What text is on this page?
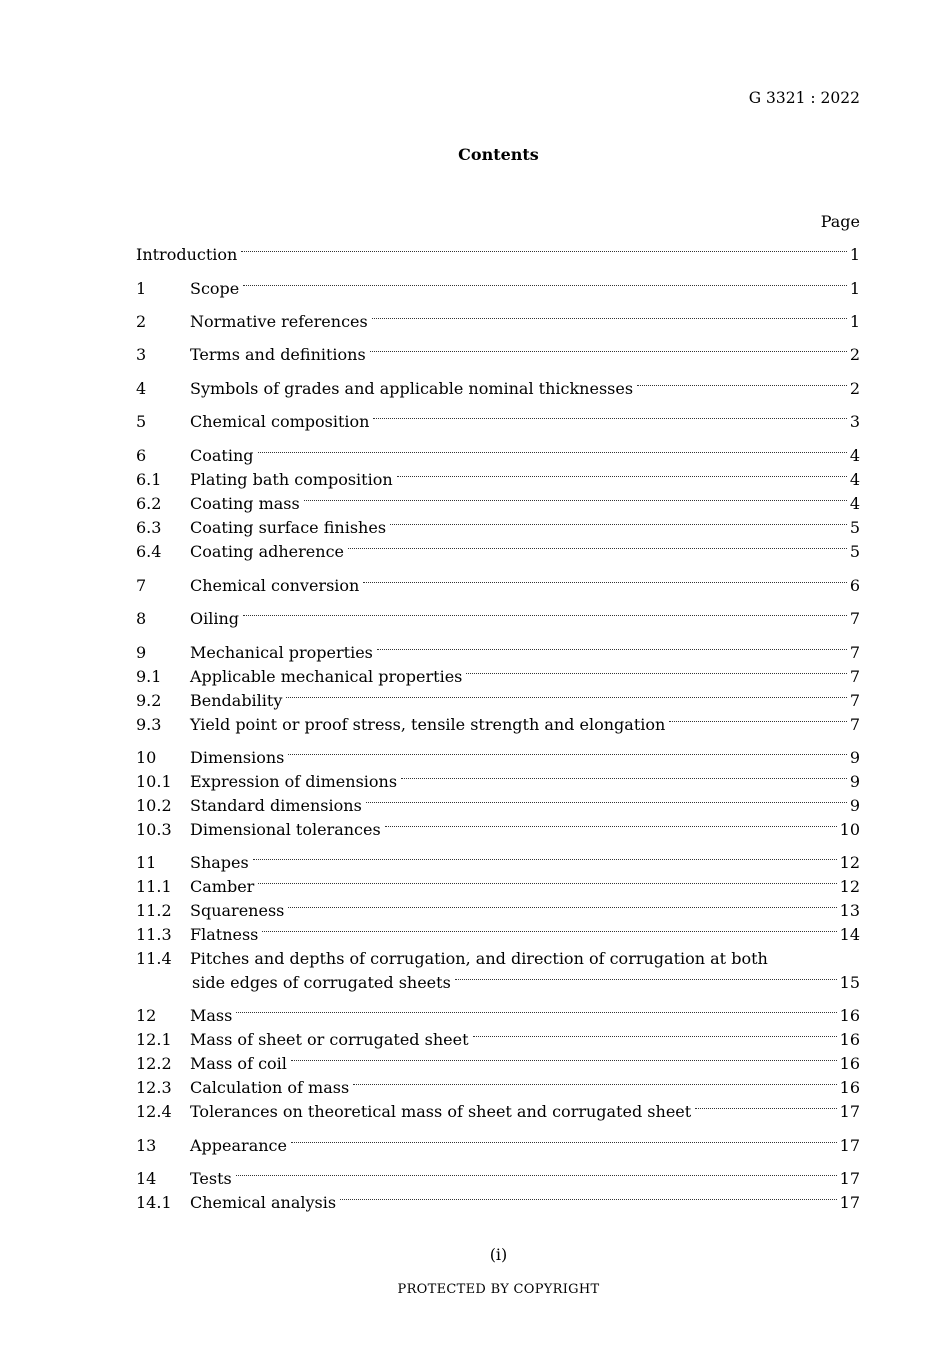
G 3321 : 2022
Contents
Page
Introduction	1
1	Scope	1
2	Normative references	1
3	Terms and definitions	2
4	Symbols of grades and applicable nominal thicknesses	2
5	Chemical composition	3
6	Coating	4
6.1	Plating bath composition	4
6.2	Coating mass	4
6.3	Coating surface finishes	5
6.4	Coating adherence	5
7	Chemical conversion	6
8	Oiling	7
9	Mechanical properties	7
9.1	Applicable mechanical properties	7
9.2	Bendability	7
9.3	Yield point or proof stress, tensile strength and elongation	7
10	Dimensions	9
10.1	Expression of dimensions	9
10.2	Standard dimensions	9
10.3	Dimensional tolerances	10
11	Shapes	12
11.1	Camber	12
11.2	Squareness	13
11.3	Flatness	14
11.4	Pitches and depths of corrugation, and direction of corrugation at both
side edges of corrugated sheets	15
12	Mass	16
12.1	Mass of sheet or corrugated sheet	16
12.2	Mass of coil	16
12.3	Calculation of mass	16
12.4	Tolerances on theoretical mass of sheet and corrugated sheet	17
13	Appearance	17
14	Tests	17
14.1	Chemical analysis	17
(i)
PROTECTED BY COPYRIGHT
